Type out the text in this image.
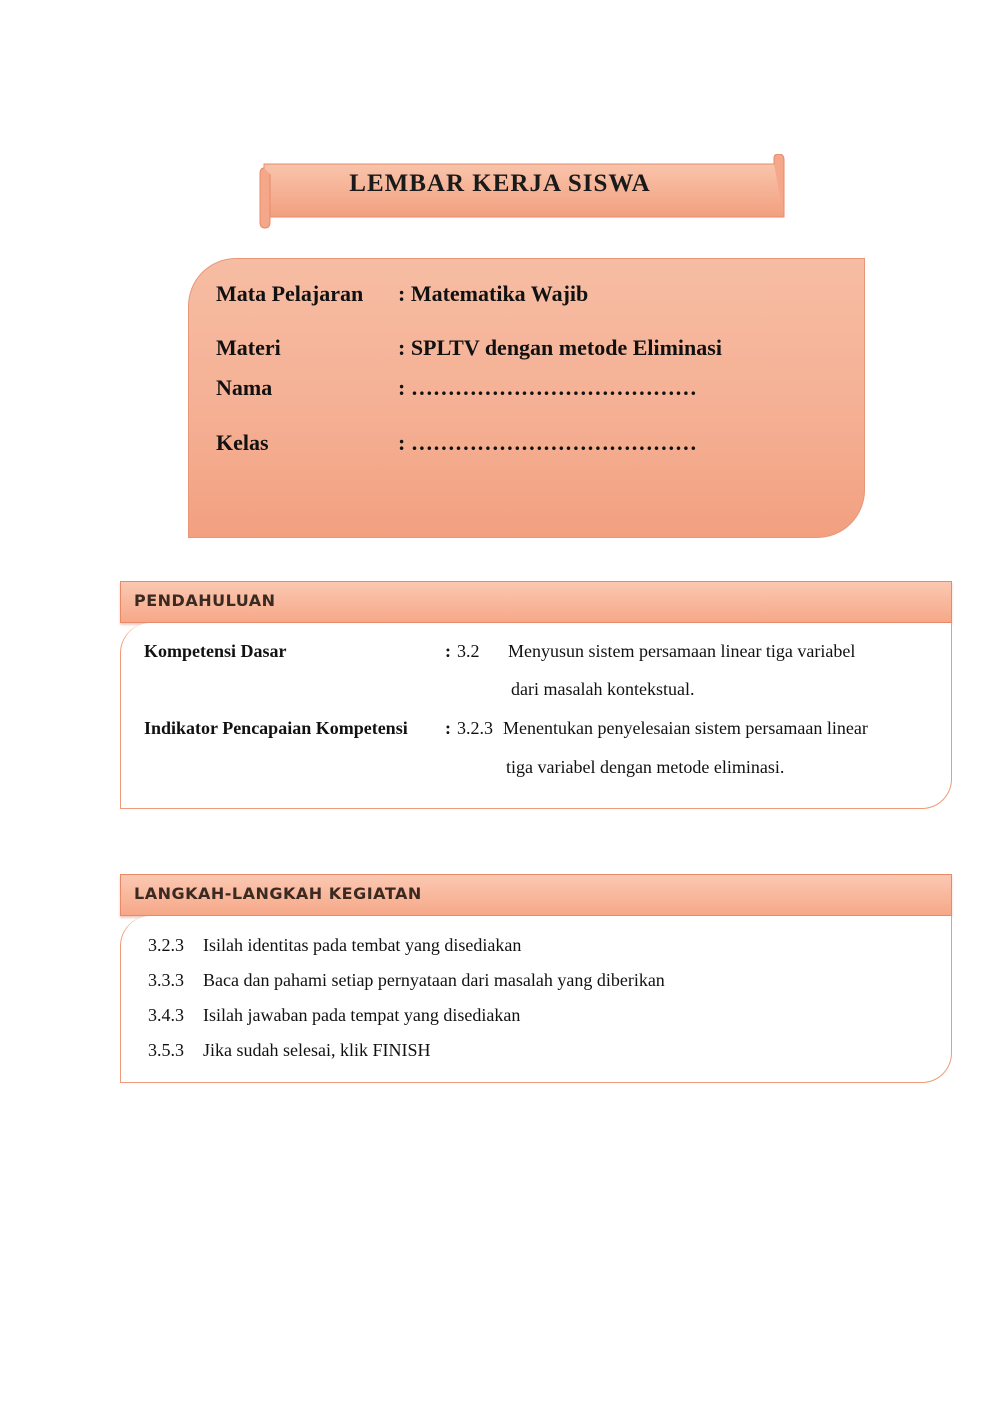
LEMBAR KERJA SISWA
Mata Pelajaran : Matematika Wajib
Materi	: SPLTV dengan metode Eliminasi
Nama	: …………………………………
Kelas	: …………………………………
PENDAHULUAN
Kompetensi Dasar	: 3.2 Menyusun sistem persamaan linear tiga variabel
dari masalah kontekstual.
Indikator Pencapaian Kompetensi : 3.2.3 Menentukan penyelesaian sistem persamaan linear
tiga variabel dengan metode eliminasi.
LANGKAH-LANGKAH KEGIATAN
3.2.3 Isilah identitas pada tembat yang disediakan
3.3.3 Baca dan pahami setiap pernyataan dari masalah yang diberikan
3.4.3 Isilah jawaban pada tempat yang disediakan
3.5.3 Jika sudah selesai, klik FINISH
